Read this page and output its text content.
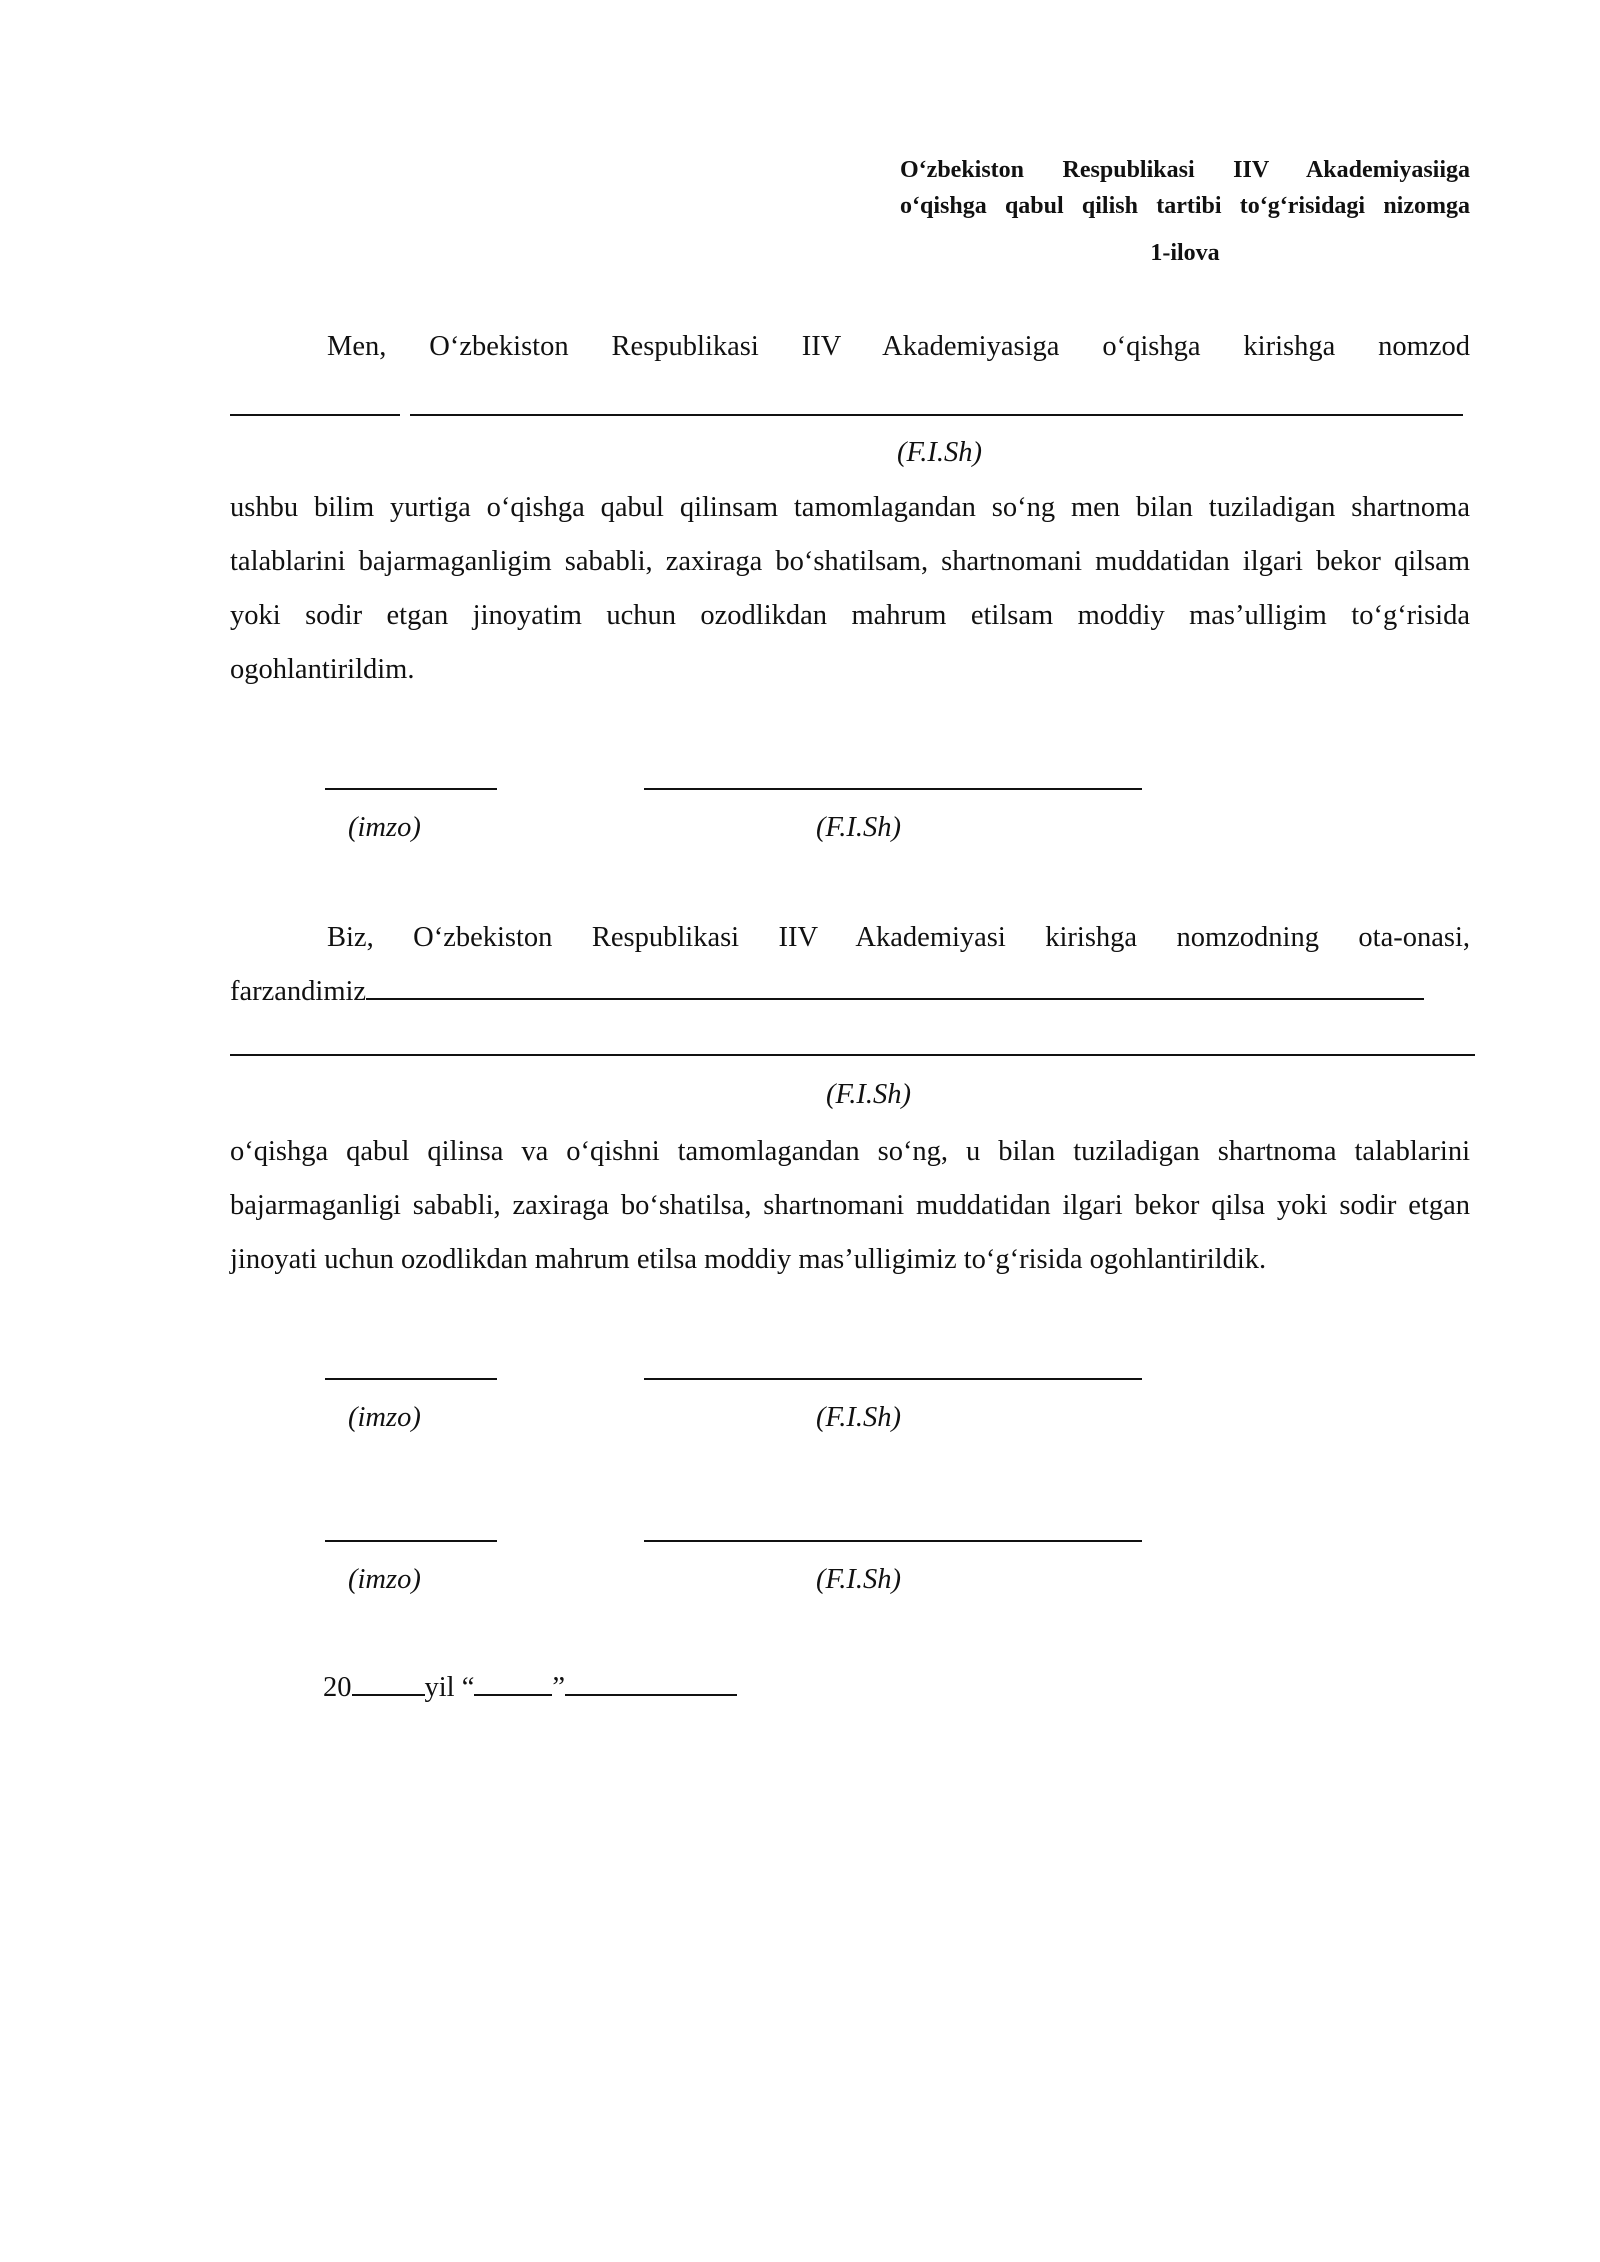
O‘zbekiston Respublikasi IIV Akademiyasiiga
o‘qishga qabul qilish tartibi to‘g‘risidagi nizomga
1-ilova
Men, O‘zbekiston Respublikasi IIV Akademiyasiga o‘qishga kirishga nomzod
(F.I.Sh)
ushbu bilim yurtiga o‘qishga qabul qilinsam tamomlagandan so‘ng men bilan tuziladigan shartnoma talablarini bajarmaganligim sababli, zaxiraga bo‘shatilsam, shartnomani muddatidan ilgari bekor qilsam yoki sodir etgan jinoyatim uchun ozodlikdan mahrum etilsam moddiy mas’ulligim to‘g‘risida ogohlantirildim.
(imzo)	(F.I.Sh)
Biz, O‘zbekiston Respublikasi IIV Akademiyasi kirishga nomzodning ota-onasi,
farzandimiz
(F.I.Sh)
o‘qishga qabul qilinsa va o‘qishni tamomlagandan so‘ng, u bilan tuziladigan shartnoma talablarini bajarmaganligi sababli, zaxiraga bo‘shatilsa, shartnomani muddatidan ilgari bekor qilsa yoki sodir etgan jinoyati uchun ozodlikdan mahrum etilsa moddiy mas’ulligimiz to‘g‘risida ogohlantirildik.
(imzo)	(F.I.Sh)
(imzo)	(F.I.Sh)
20	yil “	”
